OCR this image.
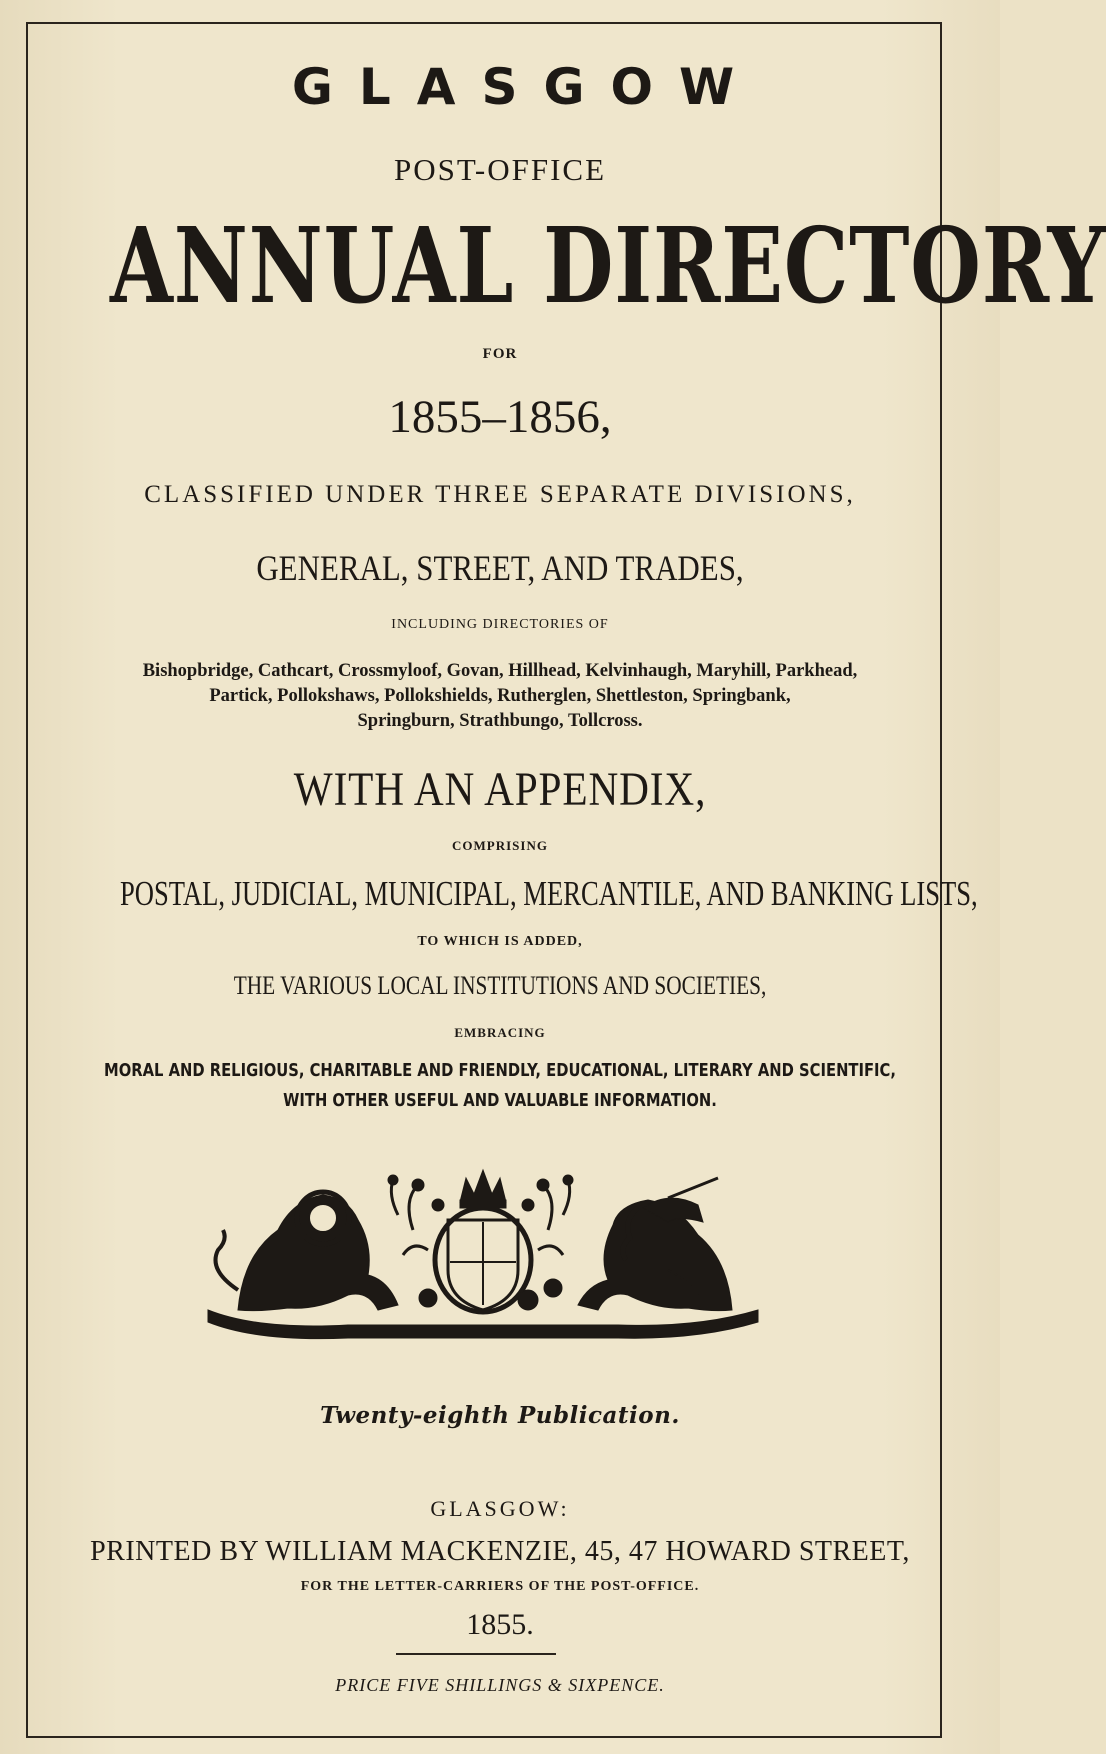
GLASGOW
POST-OFFICE
ANNUAL DIRECTORY
FOR
1855–1856,
CLASSIFIED UNDER THREE SEPARATE DIVISIONS,
GENERAL, STREET, AND TRADES,
INCLUDING DIRECTORIES OF
Bishopbridge, Cathcart, Crossmyloof, Govan, Hillhead, Kelvinhaugh, Maryhill, Parkhead,
Partick, Pollokshaws, Pollokshields, Rutherglen, Shettleston, Springbank,
Springburn, Strathbungo, Tollcross.
WITH AN APPENDIX,
COMPRISING
POSTAL, JUDICIAL, MUNICIPAL, MERCANTILE, AND BANKING LISTS,
TO WHICH IS ADDED,
THE VARIOUS LOCAL INSTITUTIONS AND SOCIETIES,
EMBRACING
MORAL AND RELIGIOUS, CHARITABLE AND FRIENDLY, EDUCATIONAL, LITERARY AND SCIENTIFIC,
WITH OTHER USEFUL AND VALUABLE INFORMATION.
Twenty-eighth Publication.
GLASGOW:
PRINTED BY WILLIAM MACKENZIE, 45, 47 HOWARD STREET,
FOR THE LETTER-CARRIERS OF THE POST-OFFICE.
1855.
PRICE FIVE SHILLINGS & SIXPENCE.
